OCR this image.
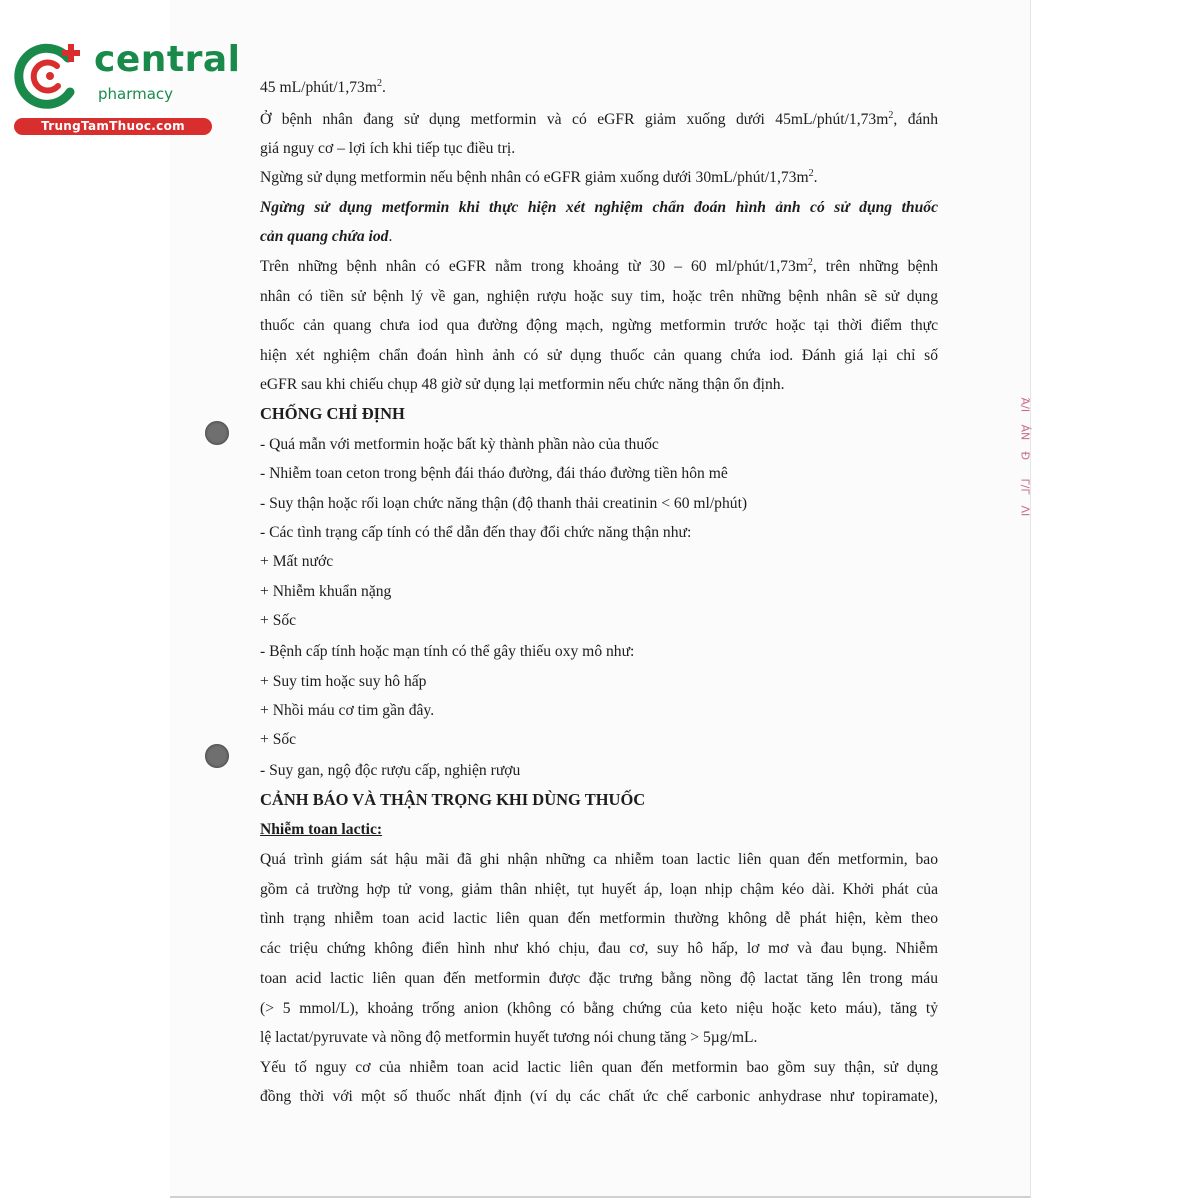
central
pharmacy
TrungTamThuoc.com
Ά/Ι
ÁN
Đ
Γ/Γ
ΛΙ
45 $mL/phút/1,73m^2$.
Ở bệnh nhân đang sử dụng metformin và có eGFR giảm xuống dưới $45mL/phút/1,73m^2$, đánh
giá nguy cơ – lợi ích khi tiếp tục điều trị.
Ngừng sử dụng metformin nếu bệnh nhân có eGFR giảm xuống dưới $30mL/phút/1,73m^2$.
Ngừng sử dụng metformin khi thực hiện xét nghiệm chẩn đoán hình ảnh có sử dụng thuốc
cản quang chứa iod.
Trên những bệnh nhân có eGFR nằm trong khoảng từ 30 – 60 $ml/phút/1,73m^2$, trên những bệnh
nhân có tiền sử bệnh lý về gan, nghiện rượu hoặc suy tim, hoặc trên những bệnh nhân sẽ sử dụng
thuốc cản quang chưa iod qua đường động mạch, ngừng metformin trước hoặc tại thời điểm thực
hiện xét nghiệm chẩn đoán hình ảnh có sử dụng thuốc cản quang chứa iod. Đánh giá lại chỉ số
eGFR sau khi chiếu chụp 48 giờ sử dụng lại metformin nếu chức năng thận ổn định.
CHỐNG CHỈ ĐỊNH
- Quá mẫn với metformin hoặc bất kỳ thành phần nào của thuốc
- Nhiễm toan ceton trong bệnh đái tháo đường, đái tháo đường tiền hôn mê
- Suy thận hoặc rối loạn chức năng thận (độ thanh thải creatinin < 60 ml/phút)
- Các tình trạng cấp tính có thể dẫn đến thay đổi chức năng thận như:
+ Mất nước
+ Nhiễm khuẩn nặng
+ Sốc
- Bệnh cấp tính hoặc mạn tính có thể gây thiếu oxy mô như:
+ Suy tim hoặc suy hô hấp
+ Nhồi máu cơ tim gần đây.
+ Sốc
- Suy gan, ngộ độc rượu cấp, nghiện rượu
CẢNH BÁO VÀ THẬN TRỌNG KHI DÙNG THUỐC
Nhiễm toan lactic:
Quá trình giám sát hậu mãi đã ghi nhận những ca nhiễm toan lactic liên quan đến metformin, bao
gồm cả trường hợp tử vong, giảm thân nhiệt, tụt huyết áp, loạn nhịp chậm kéo dài. Khởi phát của
tình trạng nhiễm toan acid lactic liên quan đến metformin thường không dễ phát hiện, kèm theo
các triệu chứng không điển hình như khó chịu, đau cơ, suy hô hấp, lơ mơ và đau bụng. Nhiễm
toan acid lactic liên quan đến metformin được đặc trưng bằng nồng độ lactat tăng lên trong máu
(> 5 mmol/L), khoảng trống anion (không có bằng chứng của keto niệu hoặc keto máu), tăng tỷ
lệ lactat/pyruvate và nồng độ metformin huyết tương nói chung tăng > 5µg/mL.
Yếu tố nguy cơ của nhiễm toan acid lactic liên quan đến metformin bao gồm suy thận, sử dụng
đồng thời với một số thuốc nhất định (ví dụ các chất ức chế carbonic anhydrase như topiramate),
